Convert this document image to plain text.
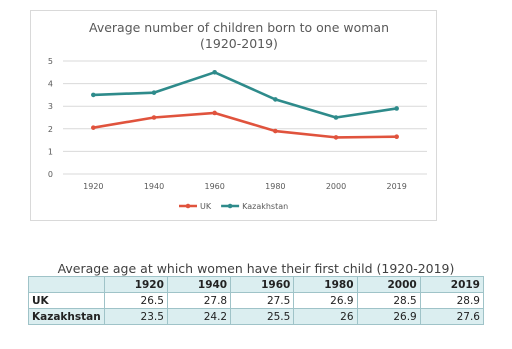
Average number of children born to one woman
(1920-2019)
0
1
2
3
4
5
1920	1940	1960	1980	2000	2019
UK	Kazakhstan
Average age at which women have their first child (1920-2019)
	1920	1940	1960	1980	2000	2019
UK	26.5	27.8	27.5	26.9	28.5	28.9
Kazakhstan	23.5	24.2	25.5	26	26.9	27.6
